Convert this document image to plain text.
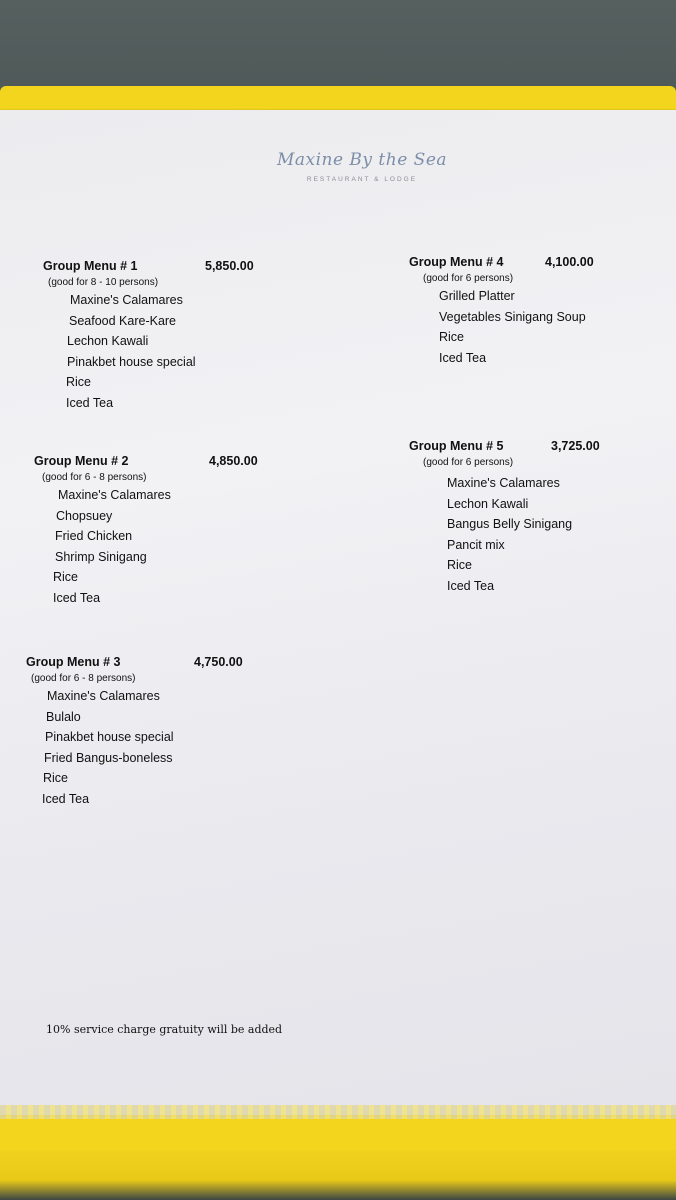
Maxine By the Sea
RESTAURANT & LODGE
Group Menu # 1	5,850.00
(good for 8 - 10 persons)
Maxine's Calamares
Seafood Kare-Kare
Lechon Kawali
Pinakbet house special
Rice
Iced Tea
Group Menu # 2	4,850.00
(good for 6 - 8 persons)
Maxine's Calamares
Chopsuey
Fried Chicken
Shrimp Sinigang
Rice
Iced Tea
Group Menu # 3	4,750.00
(good for 6 - 8 persons)
Maxine's Calamares
Bulalo
Pinakbet house special
Fried Bangus-boneless
Rice
Iced Tea
Group Menu # 4	4,100.00
(good for 6 persons)
Grilled Platter
Vegetables Sinigang Soup
Rice
Iced Tea
Group Menu # 5	3,725.00
(good for 6 persons)
Maxine's Calamares
Lechon Kawali
Bangus Belly Sinigang
Pancit mix
Rice
Iced Tea
10% service charge gratuity will be added
